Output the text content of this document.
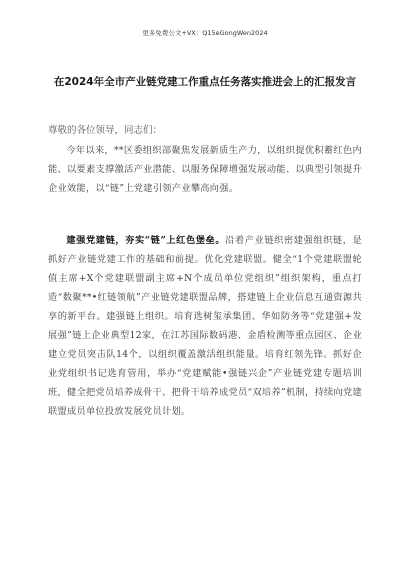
更多免费公文+VX：Q15eGongWen2024
在2024年全市产业链党建工作重点任务落实推进会上的汇报发言
尊敬的各位领导，同志们：

今年以来，**区委组织部聚焦发展新质生产力，以组织提优积蓄红色内能、以要素支撑激活产业潜能、以服务保障增强发展动能、以典型引领提升企业效能，以“链”上党建引领产业攀高向强。

建强党建链，夯实“链”上红色堡垒。沿着产业链织密建强组织链，是抓好产业链党建工作的基础和前提。优化党建联盟。健全“1个党建联盟轮值主席+X个党建联盟副主席+N个成员单位党组织”组织架构，重点打造“数聚**•红链领航”产业链党建联盟品牌，搭建链上企业信息互通资源共享的新平台。建强链上组织。培育选树玺承集团、华如防务等“党建强+发展强”链上企业典型12家，在江苏国际数码港、金盾检测等重点园区、企业建立党员突击队14个，以组织覆盖激活组织能量。培育红领先锋。抓好企业党组织书记选育管用，举办“党建赋能•强链兴企”产业链党建专题培训班，健全把党员培养成骨干、把骨干培养成党员“双培养”机制，持续向党建联盟成员单位投放发展党员计划。
